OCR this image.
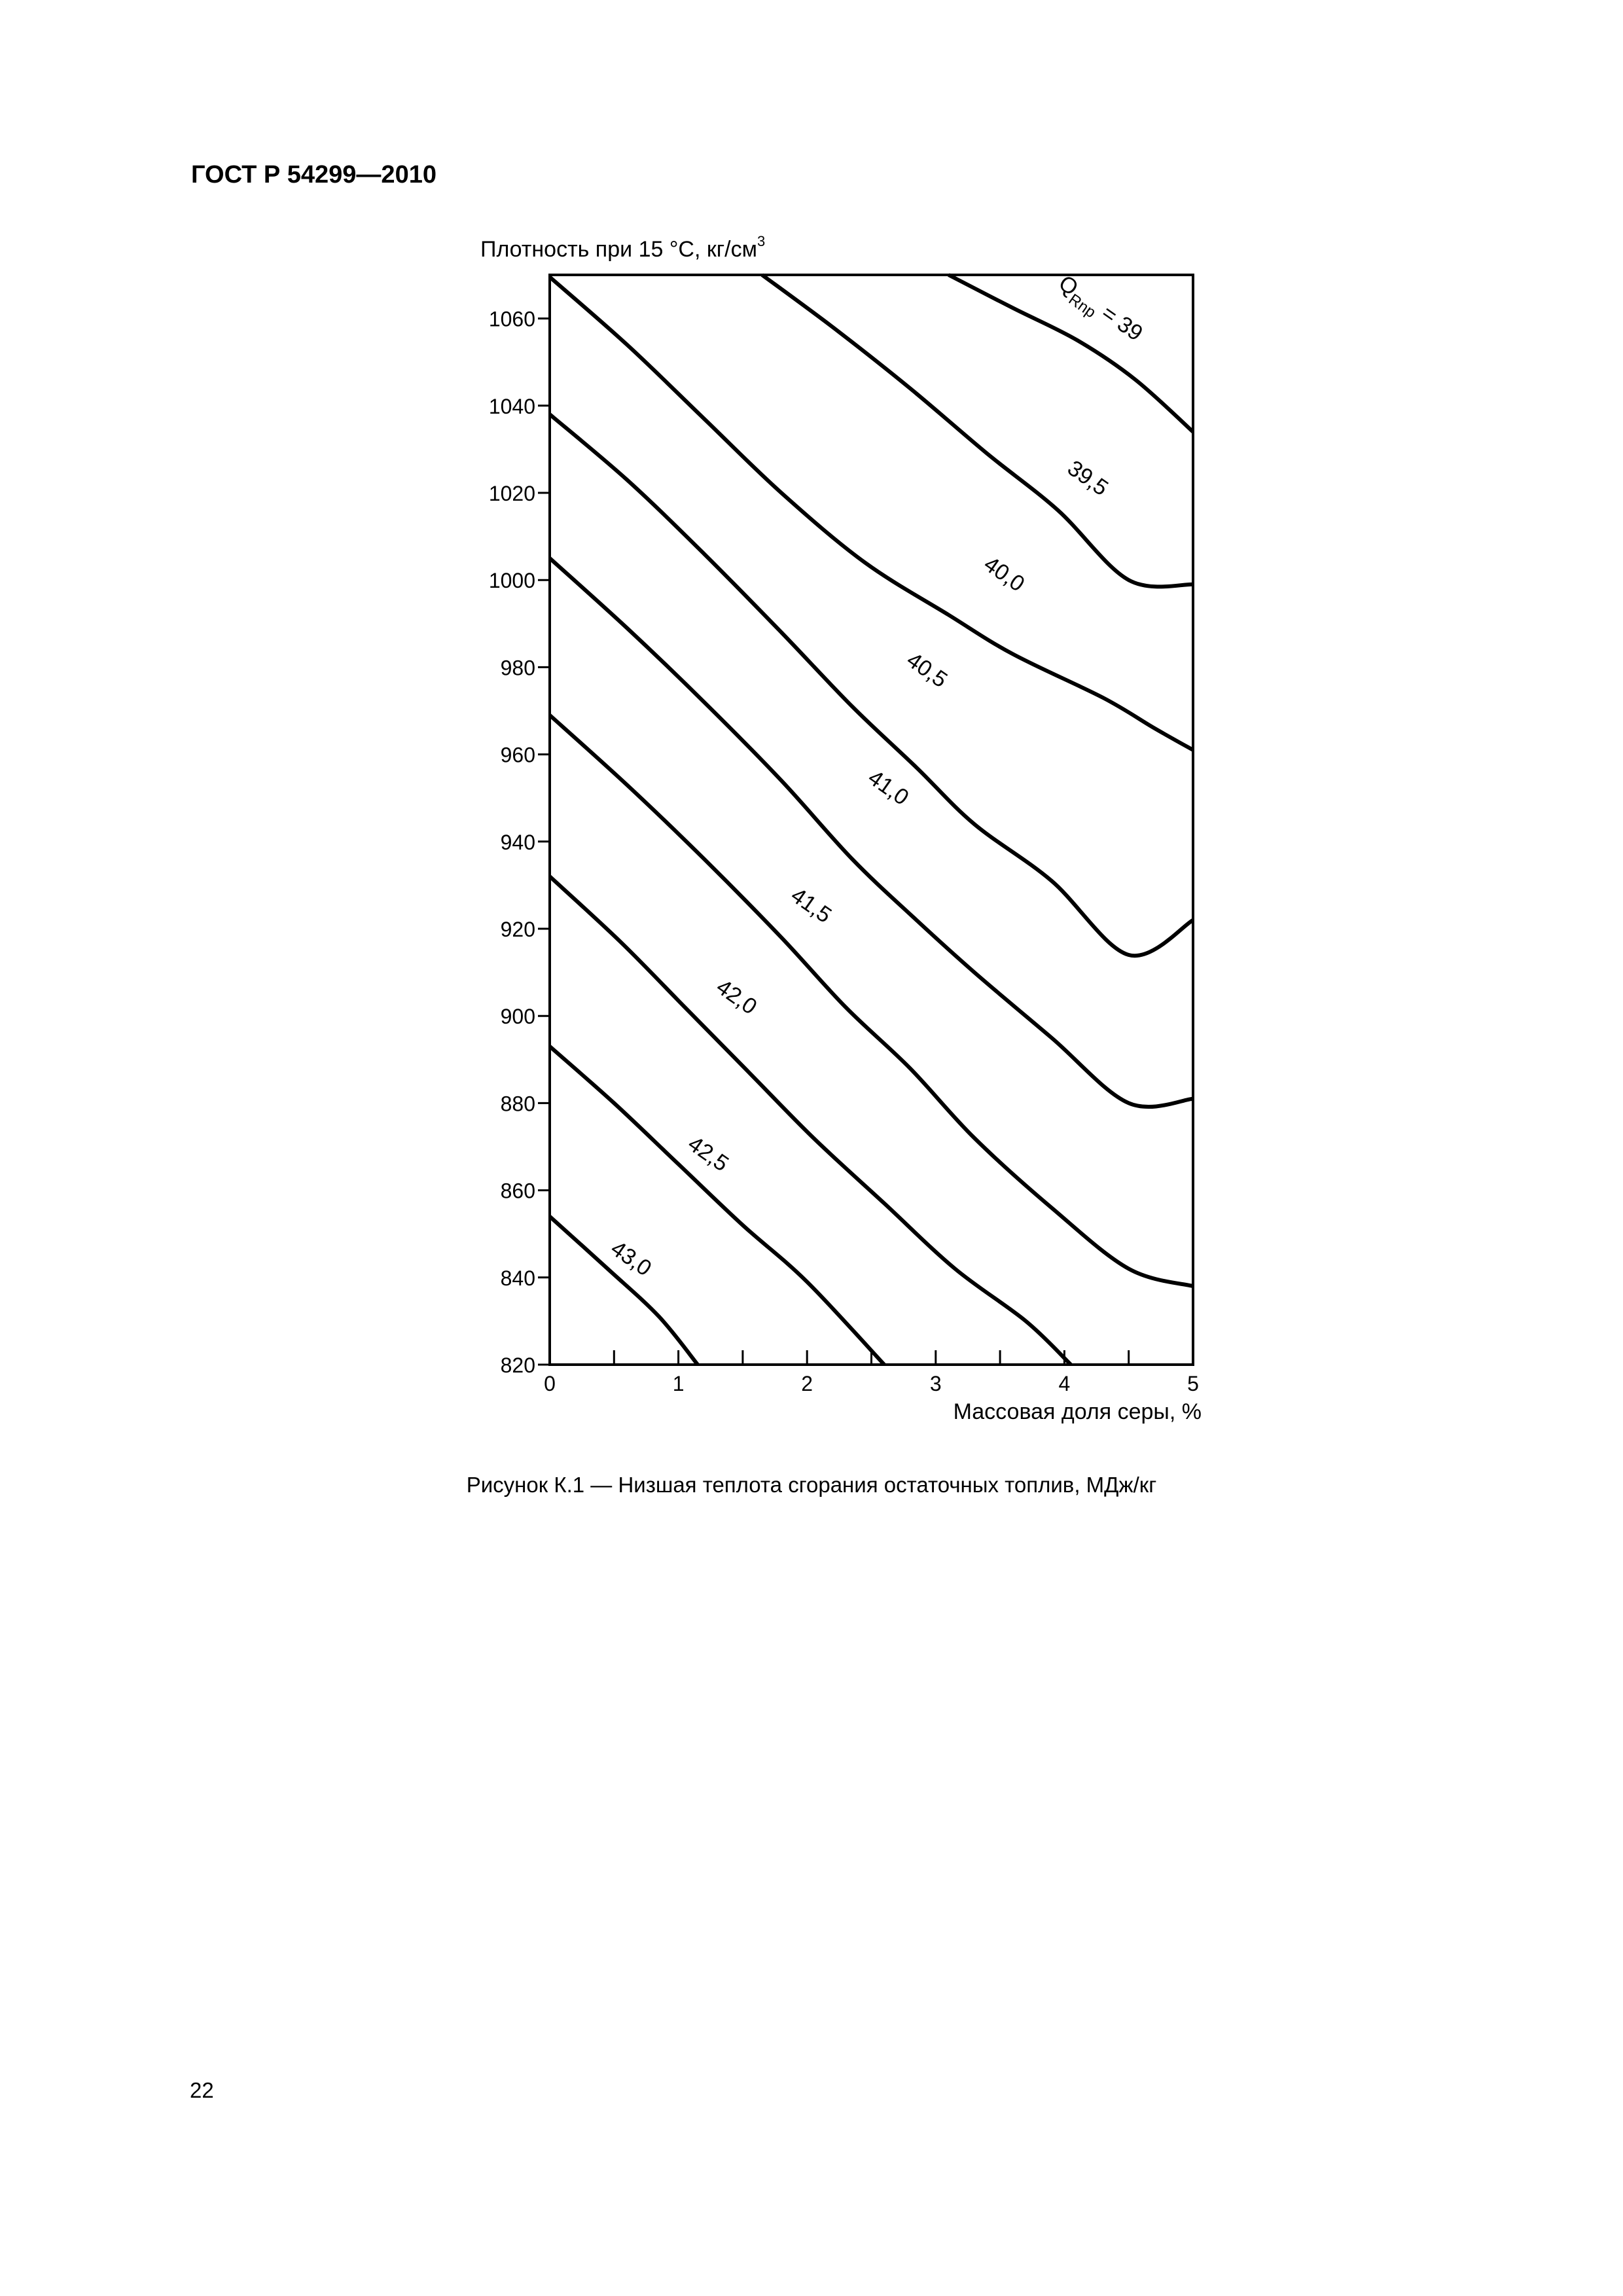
ГОСТ Р 54299—2010
Плотность при 15 °С, $кг/см^3$
820
840
860
880
900
920
940
960
980
1000
1020
1040
1060
0	1	2	3	4	5
$Q_{Rnp} = 39$
39,5
40,0
40,5
41,0
41,5
42,0
42,5
43,0
Массовая доля серы, %
Рисунок К.1 — Низшая теплота сгорания остаточных топлив, МДж/кг
22
